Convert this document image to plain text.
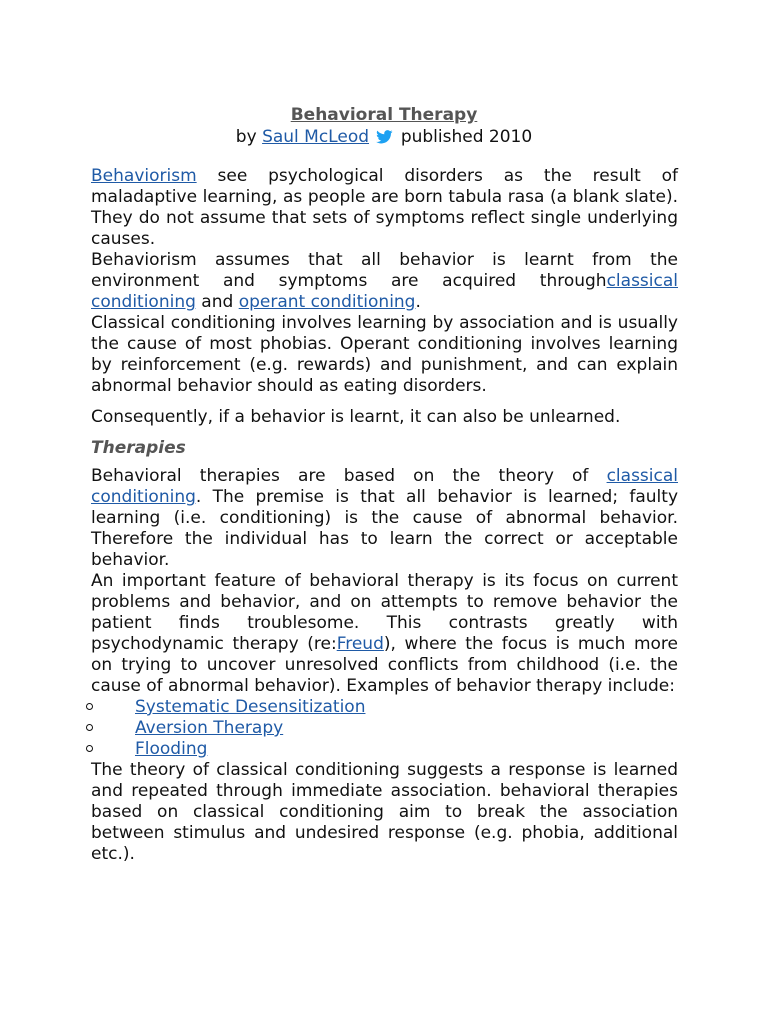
Behavioral Therapy

by Saul McLeod published 2010

Behaviorism see psychological disorders as the result of maladaptive learning, as people are born tabula rasa (a blank slate). They do not assume that sets of symptoms reflect single underlying causes.

Behaviorism assumes that all behavior is learnt from the environment and symptoms are acquired throughclassical conditioning and operant conditioning.

Classical conditioning involves learning by association and is usually the cause of most phobias. Operant conditioning involves learning by reinforcement (e.g. rewards) and punishment, and can explain abnormal behavior should as eating disorders.

Consequently, if a behavior is learnt, it can also be unlearned.

Therapies

Behavioral therapies are based on the theory of classical conditioning. The premise is that all behavior is learned; faulty learning (i.e. conditioning) is the cause of abnormal behavior. Therefore the individual has to learn the correct or acceptable behavior.

An important feature of behavioral therapy is its focus on current problems and behavior, and on attempts to remove behavior the patient finds troublesome. This contrasts greatly with psychodynamic therapy (re:Freud), where the focus is much more on trying to uncover unresolved conflicts from childhood (i.e. the cause of abnormal behavior). Examples of behavior therapy include:

Systematic Desensitization
Aversion Therapy
Flooding

The theory of classical conditioning suggests a response is learned and repeated through immediate association. behavioral therapies based on classical conditioning aim to break the association between stimulus and undesired response (e.g. phobia, additional etc.).
